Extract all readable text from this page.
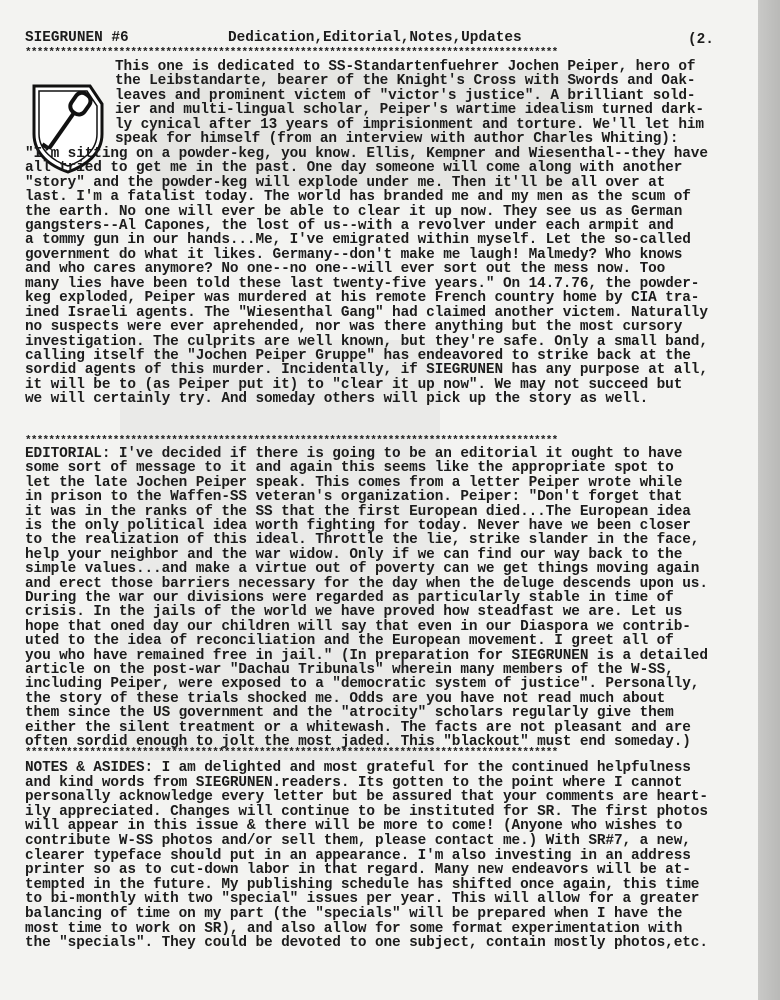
SIEGRUNEN #6	Dedication,Editorial,Notes,Updates	(2.
*******************************************************************************************
This one is dedicated to SS-Standartenfuehrer Jochen Peiper, hero of
the Leibstandarte, bearer of the Knight's Cross with Swords and Oak-
leaves and prominent victem of "victor's justice". A brilliant sold-
ier and multi-lingual scholar, Peiper's wartime idealism turned dark-
ly cynical after 13 years of imprisionment and torture. We'll let him
speak for himself (from an interview with author Charles Whiting):
"I'm sitting on a powder-keg, you know. Ellis, Kempner and Wiesenthal--they have
all tried to get me in the past. One day someone will come along with another
"story" and the powder-keg will explode under me. Then it'll be all over at
last. I'm a fatalist today. The world has branded me and my men as the scum of
the earth. No one will ever be able to clear it up now. They see us as German
gangsters--Al Capones, the lost of us--with a revolver under each armpit and
a tommy gun in our hands...Me, I've emigrated within myself. Let the so-called
government do what it likes. Germany--don't make me laugh! Malmedy? Who knows
and who cares anymore? No one--no one--will ever sort out the mess now. Too
many lies have been told these last twenty-five years." On 14.7.76, the powder-
keg exploded, Peiper was murdered at his remote French country home by CIA tra-
ined Israeli agents. The "Wiesenthal Gang" had claimed another victem. Naturally
no suspects were ever aprehended, nor was there anything but the most cursory
investigation. The culprits are well known, but they're safe. Only a small band,
calling itself the "Jochen Peiper Gruppe" has endeavored to strike back at the
sordid agents of this murder. Incidentally, if SIEGRUNEN has any purpose at all,
it will be to (as Peiper put it) to "clear it up now". We may not succeed but
we will certainly try. And someday others will pick up the story as well.
*******************************************************************************************
EDITORIAL: I've decided if there is going to be an editorial it ought to have
some sort of message to it and again this seems like the appropriate spot to
let the late Jochen Peiper speak. This comes from a letter Peiper wrote while
in prison to the Waffen-SS veteran's organization. Peiper: "Don't forget that
it was in the ranks of the SS that the first European died...The European idea
is the only political idea worth fighting for today. Never have we been closer
to the realization of this ideal. Throttle the lie, strike slander in the face,
help your neighbor and the war widow. Only if we can find our way back to the
simple values...and make a virtue out of poverty can we get things moving again
and erect those barriers necessary for the day when the deluge descends upon us.
During the war our divisions were regarded as particularly stable in time of
crisis. In the jails of the world we have proved how steadfast we are. Let us
hope that oned day our children will say that even in our Diaspora we contrib-
uted to the idea of reconciliation and the European movement. I greet all of
you who have remained free in jail." (In preparation for SIEGRUNEN is a detailed
article on the post-war "Dachau Tribunals" wherein many members of the W-SS,
including Peiper, were exposed to a "democratic system of justice". Personally,
the story of these trials shocked me. Odds are you have not read much about
them since the US government and the "atrocity" scholars regularly give them
either the silent treatment or a whitewash. The facts are not pleasant and are
often sordid enough to jolt the most jaded. This "blackout" must end someday.)
*******************************************************************************************
NOTES & ASIDES: I am delighted and most grateful for the continued helpfulness
and kind words from SIEGRUNEN.readers. Its gotten to the point where I cannot
personally acknowledge every letter but be assured that your comments are heart-
ily appreciated. Changes will continue to be instituted for SR. The first photos
will appear in this issue & there will be more to come! (Anyone who wishes to
contribute W-SS photos and/or sell them, please contact me.) With SR#7, a new,
clearer typeface should put in an appearance. I'm also investing in an address
printer so as to cut-down labor in that regard. Many new endeavors will be at-
tempted in the future. My publishing schedule has shifted once again, this time
to bi-monthly with two "special" issues per year. This will allow for a greater
balancing of time on my part (the "specials" will be prepared when I have the
most time to work on SR), and also allow for some format experimentation with
the "specials". They could be devoted to one subject, contain mostly photos,etc.
